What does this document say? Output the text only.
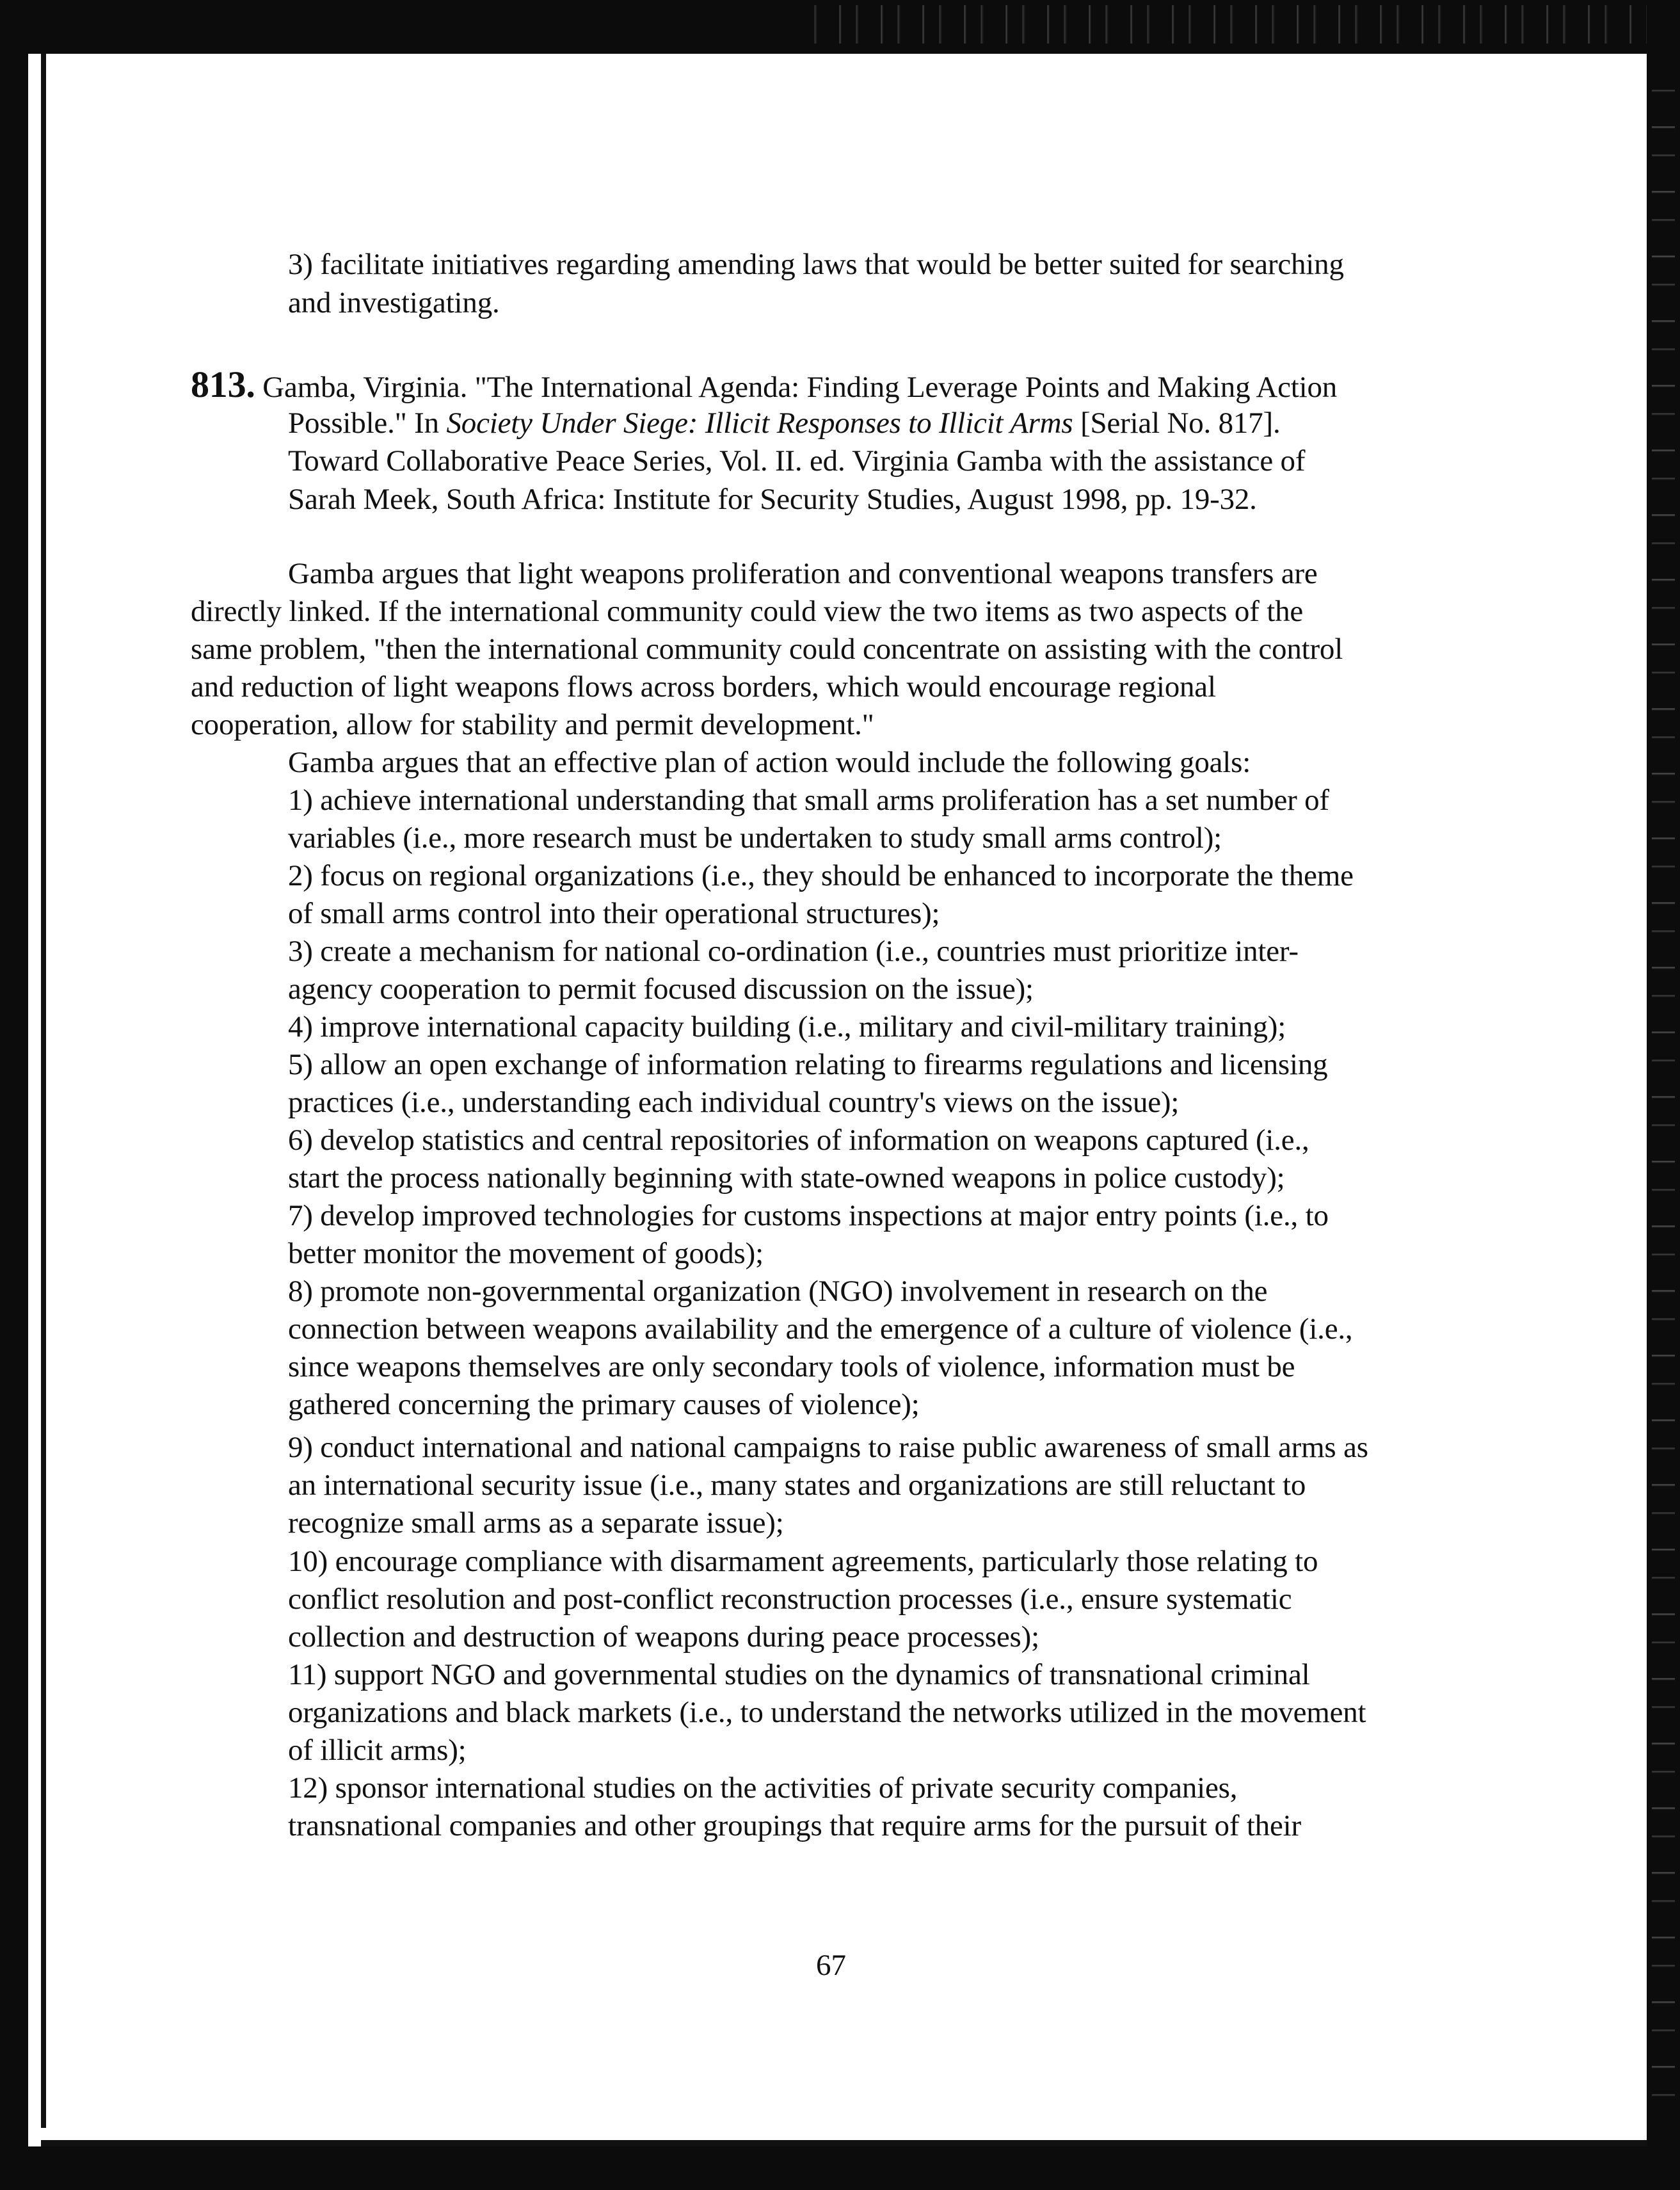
3) facilitate initiatives regarding amending laws that would be better suited for searching
and investigating.
813. Gamba, Virginia. "The International Agenda: Finding Leverage Points and Making Action
Possible." In Society Under Siege: Illicit Responses to Illicit Arms [Serial No. 817].
Toward Collaborative Peace Series, Vol. II. ed. Virginia Gamba with the assistance of
Sarah Meek, South Africa: Institute for Security Studies, August 1998, pp. 19-32.
Gamba argues that light weapons proliferation and conventional weapons transfers are
directly linked. If the international community could view the two items as two aspects of the
same problem, "then the international community could concentrate on assisting with the control
and reduction of light weapons flows across borders, which would encourage regional
cooperation, allow for stability and permit development."
Gamba argues that an effective plan of action would include the following goals:
1) achieve international understanding that small arms proliferation has a set number of
variables (i.e., more research must be undertaken to study small arms control);
2) focus on regional organizations (i.e., they should be enhanced to incorporate the theme
of small arms control into their operational structures);
3) create a mechanism for national co-ordination (i.e., countries must prioritize inter-
agency cooperation to permit focused discussion on the issue);
4) improve international capacity building (i.e., military and civil-military training);
5) allow an open exchange of information relating to firearms regulations and licensing
practices (i.e., understanding each individual country's views on the issue);
6) develop statistics and central repositories of information on weapons captured (i.e.,
start the process nationally beginning with state-owned weapons in police custody);
7) develop improved technologies for customs inspections at major entry points (i.e., to
better monitor the movement of goods);
8) promote non-governmental organization (NGO) involvement in research on the
connection between weapons availability and the emergence of a culture of violence (i.e.,
since weapons themselves are only secondary tools of violence, information must be
gathered concerning the primary causes of violence);
9) conduct international and national campaigns to raise public awareness of small arms as
an international security issue (i.e., many states and organizations are still reluctant to
recognize small arms as a separate issue);
10) encourage compliance with disarmament agreements, particularly those relating to
conflict resolution and post-conflict reconstruction processes (i.e., ensure systematic
collection and destruction of weapons during peace processes);
11) support NGO and governmental studies on the dynamics of transnational criminal
organizations and black markets (i.e., to understand the networks utilized in the movement
of illicit arms);
12) sponsor international studies on the activities of private security companies,
transnational companies and other groupings that require arms for the pursuit of their
67
